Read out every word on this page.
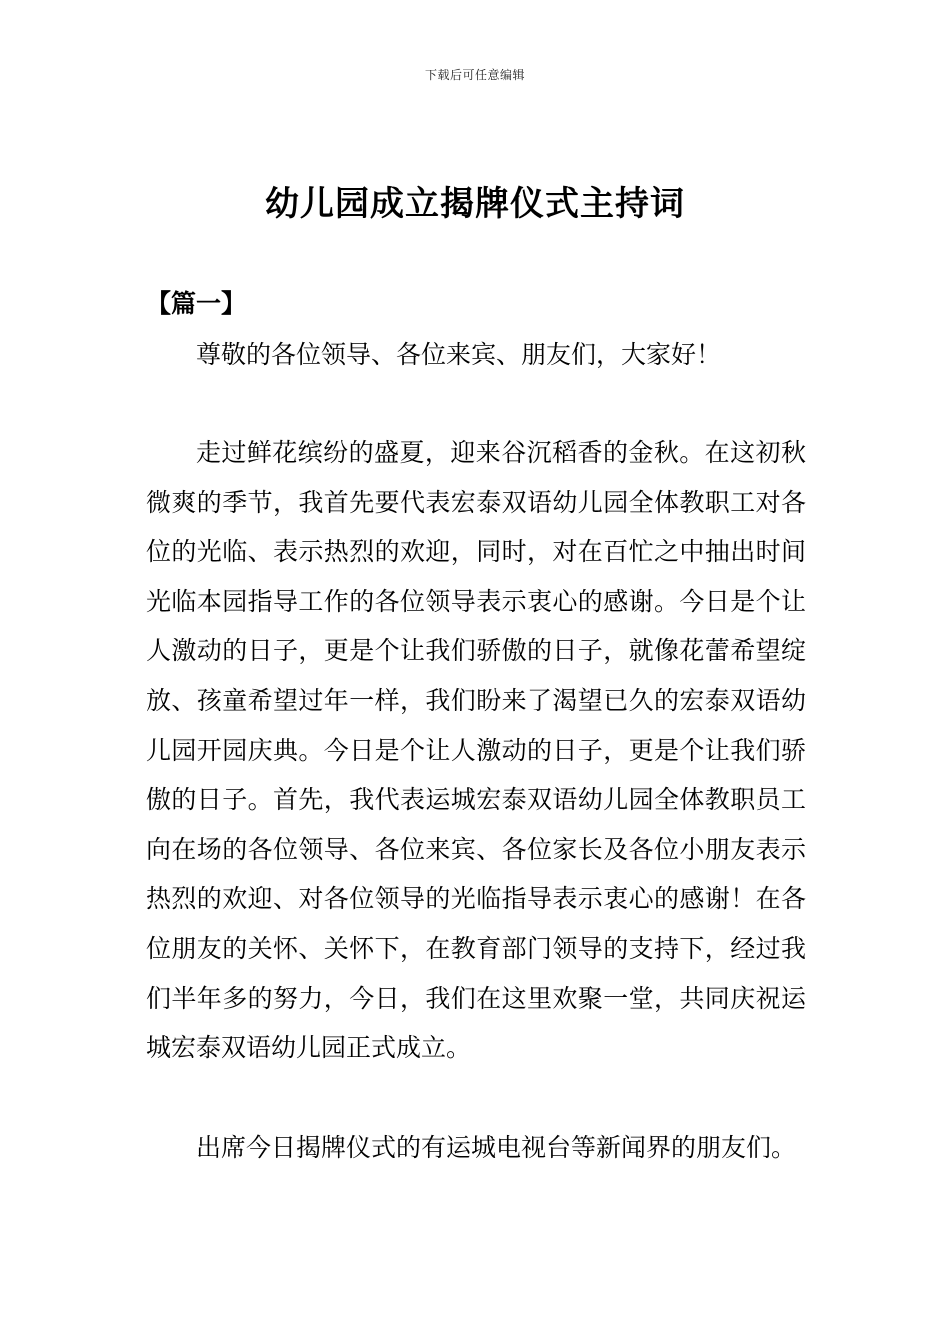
下载后可任意编辑
幼儿园成立揭牌仪式主持词
【篇一】

尊敬的各位领导、各位来宾、朋友们，大家好！

走过鲜花缤纷的盛夏，迎来谷沉稻香的金秋。在这初秋微爽的季节，我首先要代表宏泰双语幼儿园全体教职工对各位的光临、表示热烈的欢迎，同时，对在百忙之中抽出时间光临本园指导工作的各位领导表示衷心的感谢。今日是个让人激动的日子，更是个让我们骄傲的日子，就像花蕾希望绽放、孩童希望过年一样，我们盼来了渴望已久的宏泰双语幼儿园开园庆典。今日是个让人激动的日子，更是个让我们骄傲的日子。首先，我代表运城宏泰双语幼儿园全体教职员工向在场的各位领导、各位来宾、各位家长及各位小朋友表示热烈的欢迎、对各位领导的光临指导表示衷心的感谢！在各位朋友的关怀、关怀下，在教育部门领导的支持下，经过我们半年多的努力，今日，我们在这里欢聚一堂，共同庆祝运城宏泰双语幼儿园正式成立。

出席今日揭牌仪式的有运城电视台等新闻界的朋友们。
